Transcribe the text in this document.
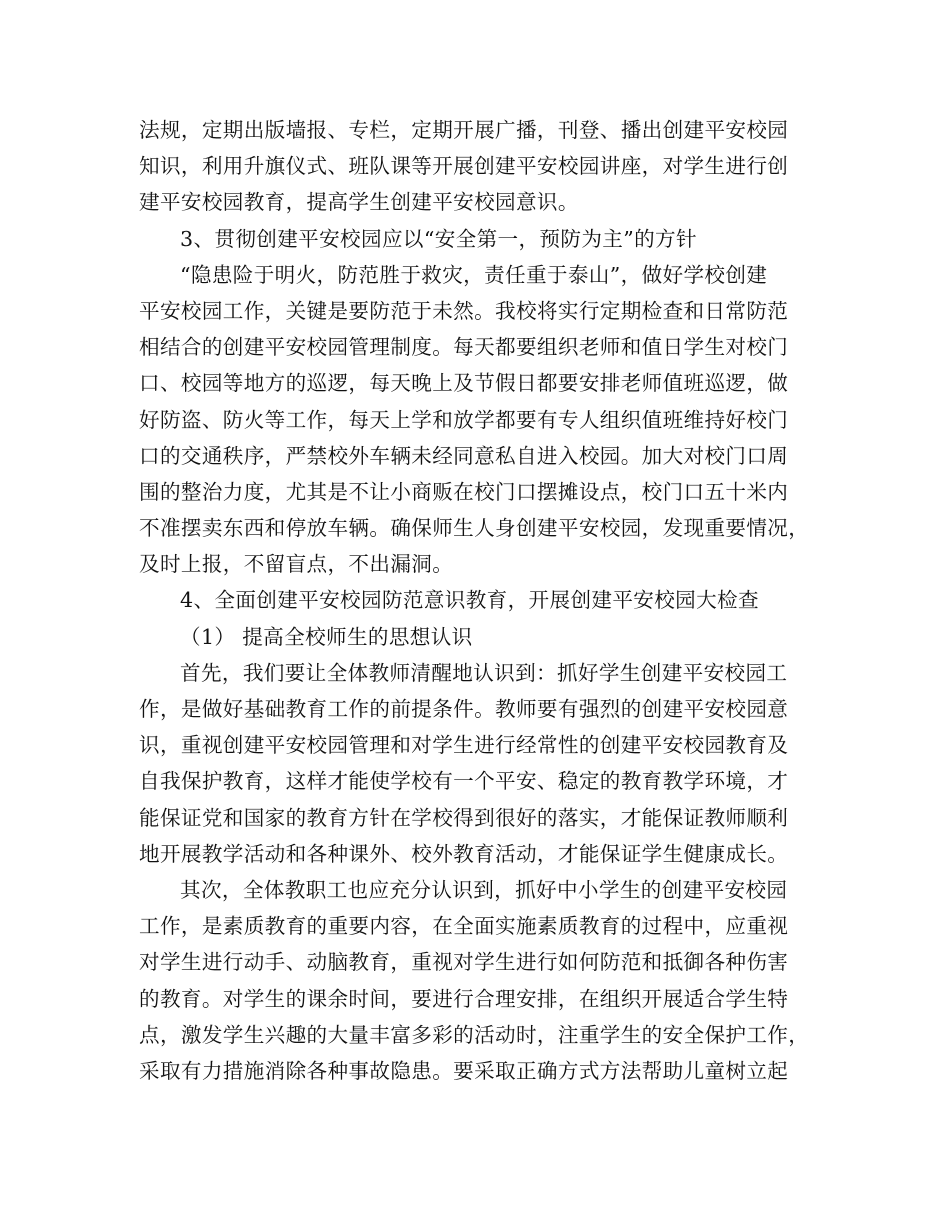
法规，定期出版墙报、专栏，定期开展广播，刊登、播出创建平安校园
知识，利用升旗仪式、班队课等开展创建平安校园讲座，对学生进行创
建平安校园教育，提高学生创建平安校园意识。

3、贯彻创建平安校园应以“安全第一，预防为主”的方针

“隐患险于明火，防范胜于救灾，责任重于泰山”，做好学校创建
平安校园工作，关键是要防范于未然。我校将实行定期检查和日常防范
相结合的创建平安校园管理制度。每天都要组织老师和值日学生对校门
口、校园等地方的巡逻，每天晚上及节假日都要安排老师值班巡逻，做
好防盗、防火等工作，每天上学和放学都要有专人组织值班维持好校门
口的交通秩序，严禁校外车辆未经同意私自进入校园。加大对校门口周
围的整治力度，尤其是不让小商贩在校门口摆摊设点，校门口五十米内
不准摆卖东西和停放车辆。确保师生人身创建平安校园，发现重要情况，
及时上报，不留盲点，不出漏洞。

4、全面创建平安校园防范意识教育，开展创建平安校园大检查

（1） 提高全校师生的思想认识

首先，我们要让全体教师清醒地认识到：抓好学生创建平安校园工
作，是做好基础教育工作的前提条件。教师要有强烈的创建平安校园意
识，重视创建平安校园管理和对学生进行经常性的创建平安校园教育及
自我保护教育，这样才能使学校有一个平安、稳定的教育教学环境，才
能保证党和国家的教育方针在学校得到很好的落实，才能保证教师顺利
地开展教学活动和各种课外、校外教育活动，才能保证学生健康成长。

其次，全体教职工也应充分认识到，抓好中小学生的创建平安校园
工作，是素质教育的重要内容，在全面实施素质教育的过程中，应重视
对学生进行动手、动脑教育，重视对学生进行如何防范和抵御各种伤害
的教育。对学生的课余时间，要进行合理安排，在组织开展适合学生特
点，激发学生兴趣的大量丰富多彩的活动时，注重学生的安全保护工作，
采取有力措施消除各种事故隐患。要采取正确方式方法帮助儿童树立起
